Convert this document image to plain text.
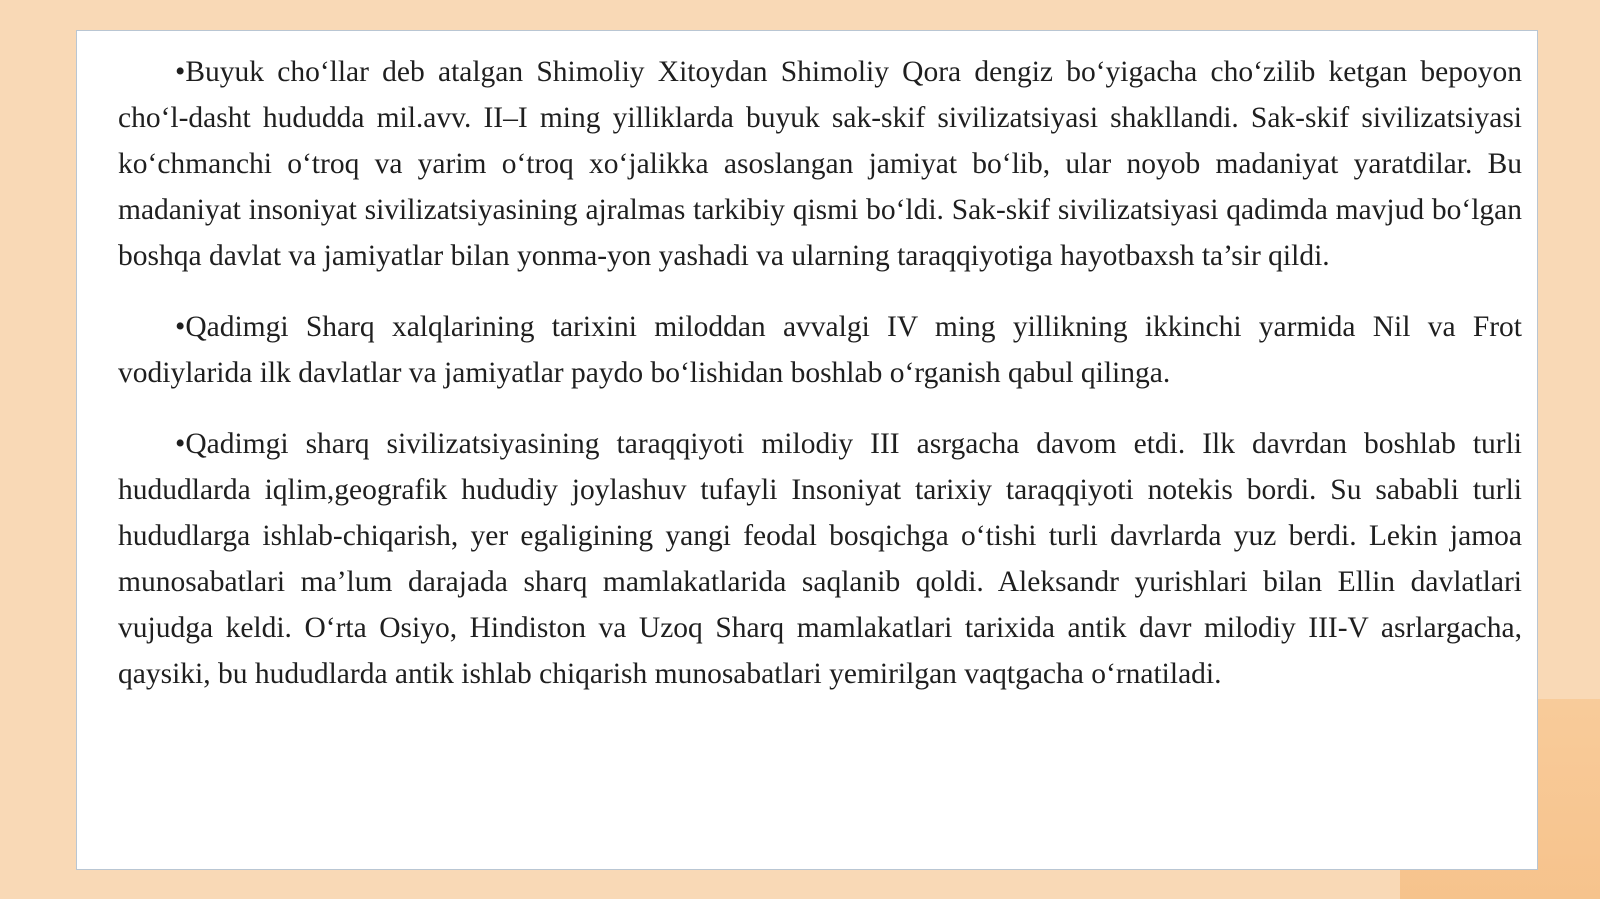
•Buyuk cho‘llar deb atalgan Shimoliy Xitoydan Shimoliy Qora dengiz bo‘yigacha cho‘zilib ketgan bepoyon cho‘l-dasht hududda mil.avv. II–I ming yilliklarda buyuk sak-skif sivilizatsiyasi shakllandi. Sak-skif sivilizatsiyasi ko‘chmanchi o‘troq va yarim o‘troq xo‘jalikka asoslangan jamiyat bo‘lib, ular noyob madaniyat yaratdilar. Bu madaniyat insoniyat sivilizatsiyasining ajralmas tarkibiy qismi bo‘ldi. Sak-skif sivilizatsiyasi qadimda mavjud bo‘lgan boshqa davlat va jamiyatlar bilan yonma-yon yashadi va ularning taraqqiyotiga hayotbaxsh ta’sir qildi.

•Qadimgi Sharq xalqlarining tarixini miloddan avvalgi IV ming yillikning ikkinchi yarmida Nil va Frot vodiylarida ilk davlatlar va jamiyatlar paydo bo‘lishidan boshlab o‘rganish qabul qilinga.

•Qadimgi sharq sivilizatsiyasining taraqqiyoti milodiy III asrgacha davom etdi. Ilk davrdan boshlab turli hududlarda iqlim,geografik hududiy joylashuv tufayli Insoniyat tarixiy taraqqiyoti notekis bordi. Su sababli turli hududlarga ishlab-chiqarish, yer egaligining yangi feodal bosqichga o‘tishi turli davrlarda yuz berdi. Lekin jamoa munosabatlari ma’lum darajada sharq mamlakatlarida saqlanib qoldi. Aleksandr yurishlari bilan Ellin davlatlari vujudga keldi. O‘rta Osiyo, Hindiston va Uzoq Sharq mamlakatlari tarixida antik davr milodiy III-V asrlargacha, qaysiki, bu hududlarda antik ishlab chiqarish munosabatlari yemirilgan vaqtgacha o‘rnatiladi.
